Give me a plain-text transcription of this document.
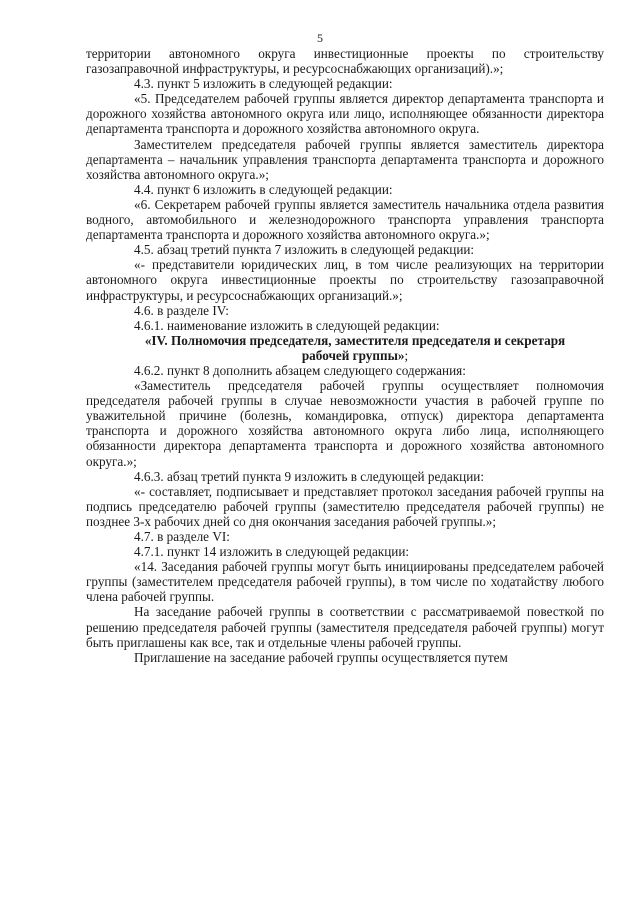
5

территории автономного округа инвестиционные проекты по строительству газозаправочной инфраструктуры, и ресурсоснабжающих организаций).»;

4.3. пункт 5 изложить в следующей редакции:

«5. Председателем рабочей группы является директор департамента транспорта и дорожного хозяйства автономного округа или лицо, исполняющее обязанности директора департамента транспорта и дорожного хозяйства автономного округа.

Заместителем председателя рабочей группы является заместитель директора департамента – начальник управления транспорта департамента транспорта и дорожного хозяйства автономного округа.»;

4.4. пункт 6 изложить в следующей редакции:

«6. Секретарем рабочей группы является заместитель начальника отдела развития водного, автомобильного и железнодорожного транспорта управления транспорта департамента транспорта и дорожного хозяйства автономного округа.»;

4.5. абзац третий пункта 7 изложить в следующей редакции:

«- представители юридических лиц, в том числе реализующих на территории автономного округа инвестиционные проекты по строительству газозаправочной инфраструктуры, и ресурсоснабжающих организаций.»;

4.6. в разделе IV:

4.6.1. наименование изложить в следующей редакции:

«IV. Полномочия председателя, заместителя председателя и секретаря рабочей группы»;

4.6.2. пункт 8 дополнить абзацем следующего содержания:

«Заместитель председателя рабочей группы осуществляет полномочия председателя рабочей группы в случае невозможности участия в рабочей группе по уважительной причине (болезнь, командировка, отпуск) директора департамента транспорта и дорожного хозяйства автономного округа либо лица, исполняющего обязанности директора департамента транспорта и дорожного хозяйства автономного округа.»;

4.6.3. абзац третий пункта 9 изложить в следующей редакции:

«- составляет, подписывает и представляет протокол заседания рабочей группы на подпись председателю рабочей группы (заместителю председателя рабочей группы) не позднее 3-х рабочих дней со дня окончания заседания рабочей группы.»;

4.7. в разделе VI:

4.7.1. пункт 14 изложить в следующей редакции:

«14. Заседания рабочей группы могут быть инициированы председателем рабочей группы (заместителем председателя рабочей группы), в том числе по ходатайству любого члена рабочей группы.

На заседание рабочей группы в соответствии с рассматриваемой повесткой по решению председателя рабочей группы (заместителя председателя рабочей группы) могут быть приглашены как все, так и отдельные члены рабочей группы.

Приглашение на заседание рабочей группы осуществляется путем
